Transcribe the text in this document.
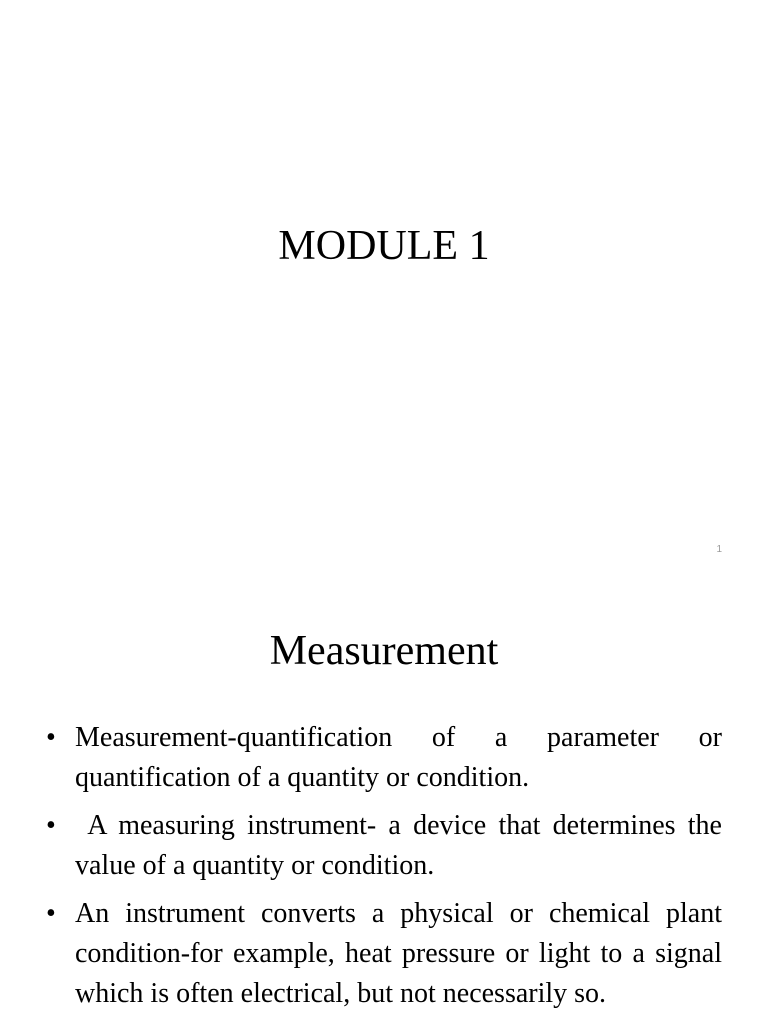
MODULE 1
1
Measurement
• Measurement-quantification of a parameter or quantification of a quantity or condition.
• A measuring instrument- a device that determines the value of a quantity or condition.
• An instrument converts a physical or chemical plant condition-for example, heat pressure or light to a signal which is often electrical, but not necessarily so.
